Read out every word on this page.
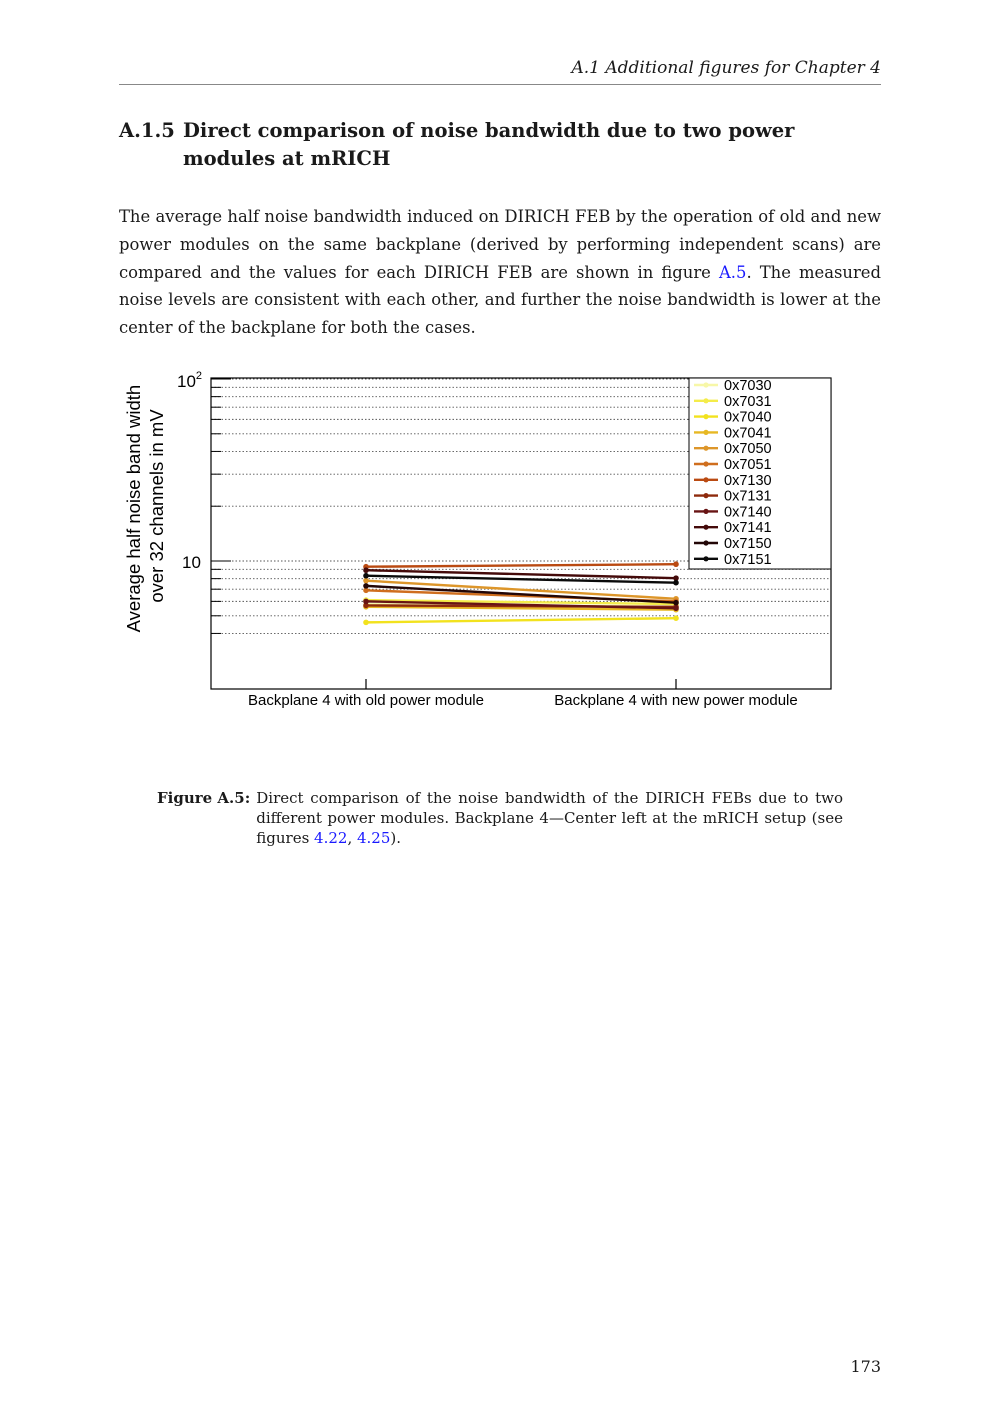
A.1 Additional figures for Chapter 4
A.1.5 Direct comparison of noise bandwidth due to two power modules at mRICH

The average half noise bandwidth induced on DIRICH FEB by the operation of old and new power modules on the same backplane (derived by performing independent scans) are compared and the values for each DIRICH FEB are shown in figure A.5. The measured noise levels are consistent with each other, and further the noise bandwidth is lower at the center of the backplane for both the cases.

$10^2$
10
Average half noise band width over 32 channels in mV
Backplane 4 with old power module	Backplane 4 with new power module
0x7030
0x7031
0x7040
0x7041
0x7050
0x7051
0x7130
0x7131
0x7140
0x7141
0x7150
0x7151
Figure A.5: Direct comparison of the noise bandwidth of the DIRICH FEBs due to two different power modules. Backplane 4—Center left at the mRICH setup (see figures 4.22, 4.25).
173
